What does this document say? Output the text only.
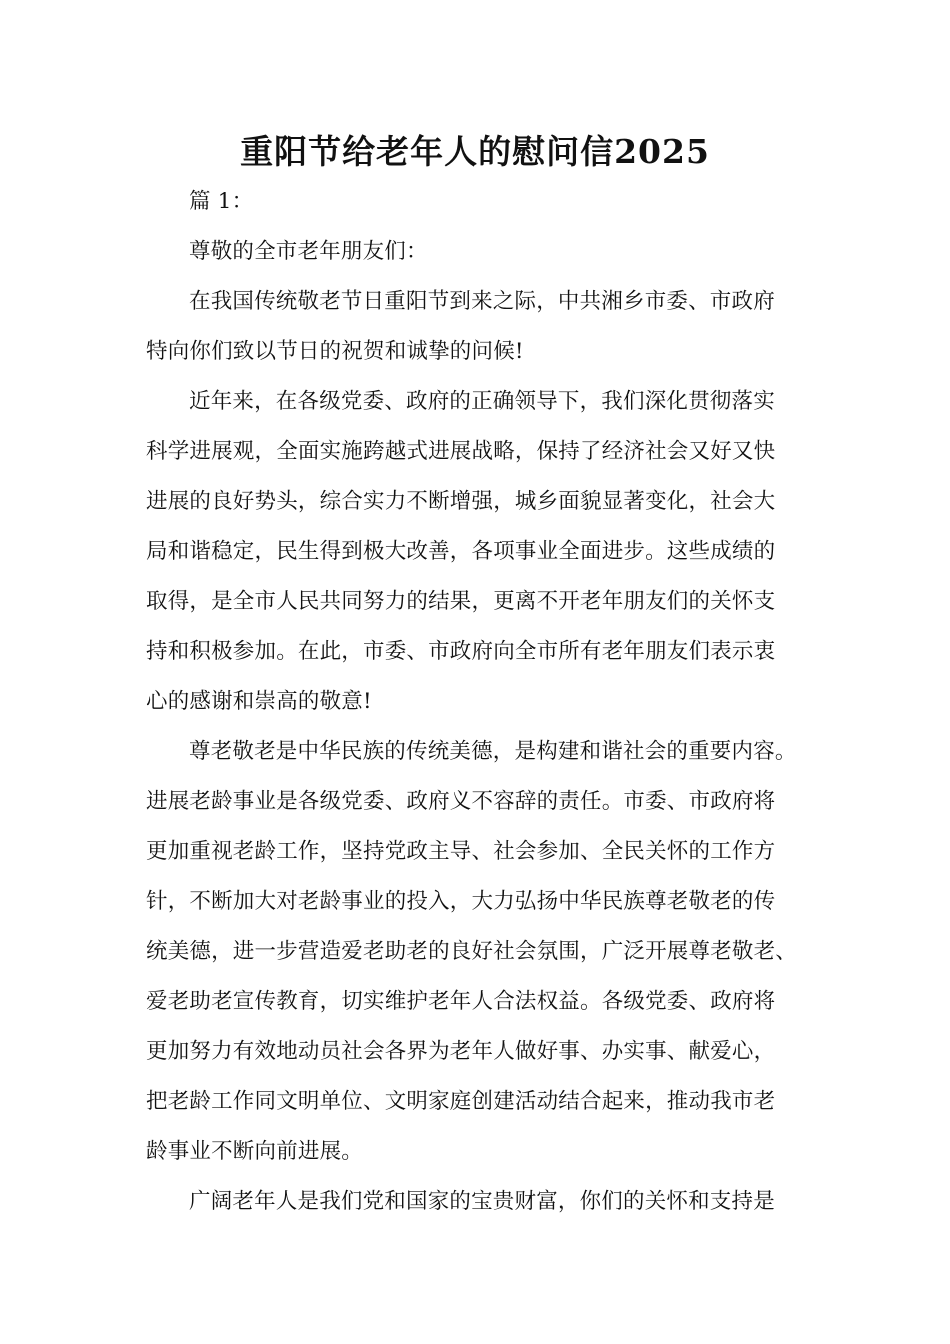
重阳节给老年人的慰问信2025
篇 1：
尊敬的全市老年朋友们：
在我国传统敬老节日重阳节到来之际，中共湘乡市委、市政府
特向你们致以节日的祝贺和诚挚的问候!
近年来，在各级党委、政府的正确领导下，我们深化贯彻落实
科学进展观，全面实施跨越式进展战略，保持了经济社会又好又快
进展的良好势头，综合实力不断增强，城乡面貌显著变化，社会大
局和谐稳定，民生得到极大改善，各项事业全面进步。这些成绩的
取得，是全市人民共同努力的结果，更离不开老年朋友们的关怀支
持和积极参加。在此，市委、市政府向全市所有老年朋友们表示衷
心的感谢和崇高的敬意!
尊老敬老是中华民族的传统美德，是构建和谐社会的重要内容。
进展老龄事业是各级党委、政府义不容辞的责任。市委、市政府将
更加重视老龄工作，坚持党政主导、社会参加、全民关怀的工作方
针，不断加大对老龄事业的投入，大力弘扬中华民族尊老敬老的传
统美德，进一步营造爱老助老的良好社会氛围，广泛开展尊老敬老、
爱老助老宣传教育，切实维护老年人合法权益。各级党委、政府将
更加努力有效地动员社会各界为老年人做好事、办实事、献爱心，
把老龄工作同文明单位、文明家庭创建活动结合起来，推动我市老
龄事业不断向前进展。
广阔老年人是我们党和国家的宝贵财富，你们的关怀和支持是
